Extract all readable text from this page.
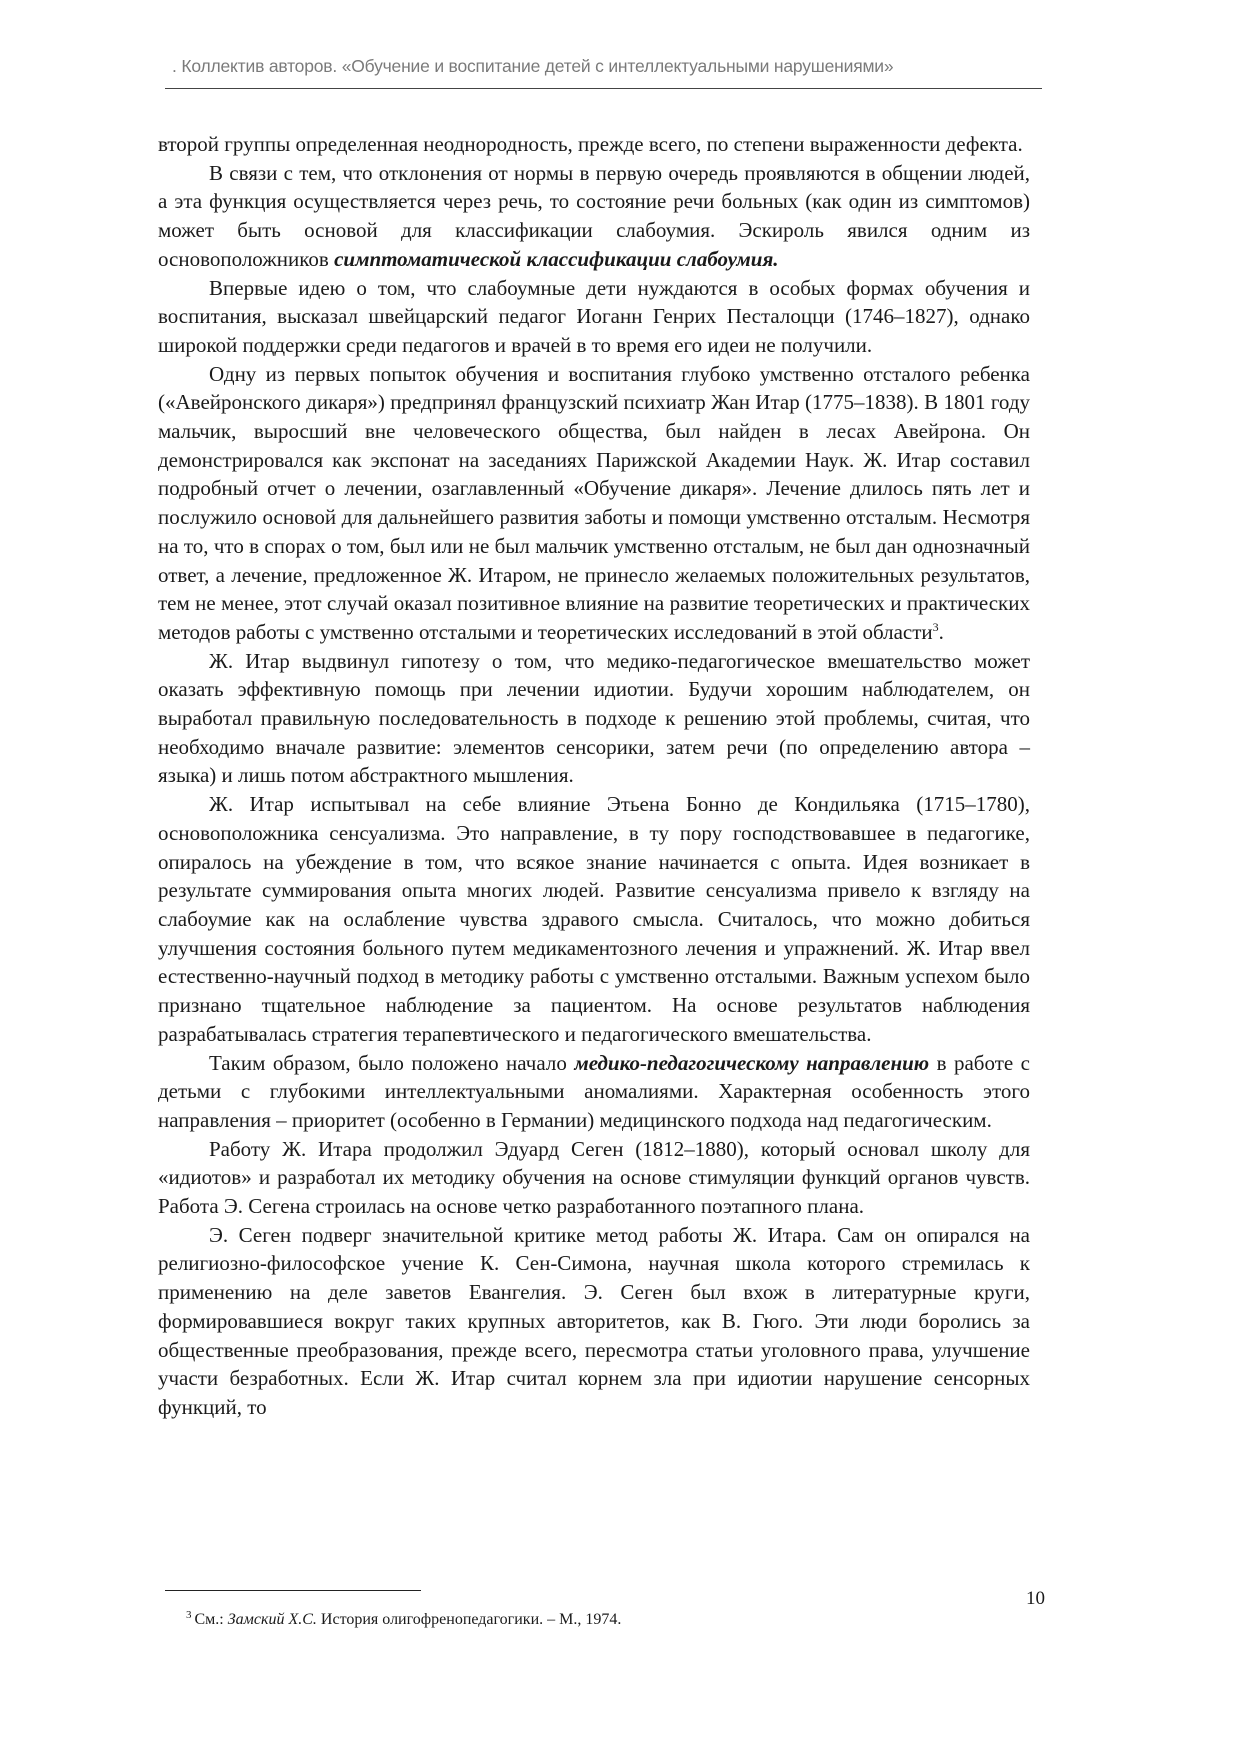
. Коллектив авторов. «Обучение и воспитание детей с интеллектуальными нарушениями»

второй группы определенная неоднородность, прежде всего, по степени выраженности дефекта.

В связи с тем, что отклонения от нормы в первую очередь проявляются в общении людей, а эта функция осуществляется через речь, то состояние речи больных (как один из симптомов) может быть основой для классификации слабоумия. Эскироль явился одним из основоположников симптоматической классификации слабоумия.

Впервые идею о том, что слабоумные дети нуждаются в особых формах обучения и воспитания, высказал швейцарский педагог Иоганн Генрих Песталоцци (1746–1827), однако широкой поддержки среди педагогов и врачей в то время его идеи не получили.

Одну из первых попыток обучения и воспитания глубоко умственно отсталого ребенка («Авейронского дикаря») предпринял французский психиатр Жан Итар (1775–1838). В 1801 году мальчик, выросший вне человеческого общества, был найден в лесах Авейрона. Он демонстрировался как экспонат на заседаниях Парижской Академии Наук. Ж. Итар составил подробный отчет о лечении, озаглавленный «Обучение дикаря». Лечение длилось пять лет и послужило основой для дальнейшего развития заботы и помощи умственно отсталым. Несмотря на то, что в спорах о том, был или не был мальчик умственно отсталым, не был дан однозначный ответ, а лечение, предложенное Ж. Итаром, не принесло желаемых положительных результатов, тем не менее, этот случай оказал позитивное влияние на развитие теоретических и практических методов работы с умственно отсталыми и теоретических исследований в этой области$^3$.

Ж. Итар выдвинул гипотезу о том, что медико-педагогическое вмешательство может оказать эффективную помощь при лечении идиотии. Будучи хорошим наблюдателем, он выработал правильную последовательность в подходе к решению этой проблемы, считая, что необходимо вначале развитие: элементов сенсорики, затем речи (по определению автора – языка) и лишь потом абстрактного мышления.

Ж. Итар испытывал на себе влияние Этьена Бонно де Кондильяка (1715–1780), основоположника сенсуализма. Это направление, в ту пору господствовавшее в педагогике, опиралось на убеждение в том, что всякое знание начинается с опыта. Идея возникает в результате суммирования опыта многих людей. Развитие сенсуализма привело к взгляду на слабоумие как на ослабление чувства здравого смысла. Считалось, что можно добиться улучшения состояния больного путем медикаментозного лечения и упражнений. Ж. Итар ввел естественно-научный подход в методику работы с умственно отсталыми. Важным успехом было признано тщательное наблюдение за пациентом. На основе результатов наблюдения разрабатывалась стратегия терапевтического и педагогического вмешательства.

Таким образом, было положено начало медико-педагогическому направлению в работе с детьми с глубокими интеллектуальными аномалиями. Характерная особенность этого направления – приоритет (особенно в Германии) медицинского подхода над педагогическим.

Работу Ж. Итара продолжил Эдуард Сеген (1812–1880), который основал школу для «идиотов» и разработал их методику обучения на основе стимуляции функций органов чувств. Работа Э. Сегена строилась на основе четко разработанного поэтапного плана.

Э. Сеген подверг значительной критике метод работы Ж. Итара. Сам он опирался на религиозно-философское учение К. Сен-Симона, научная школа которого стремилась к применению на деле заветов Евангелия. Э. Сеген был вхож в литературные круги, формировавшиеся вокруг таких крупных авторитетов, как В. Гюго. Эти люди боролись за общественные преобразования, прежде всего, пересмотра статьи уголовного права, улучшение участи безработных. Если Ж. Итар считал корнем зла при идиотии нарушение сенсорных функций, то

$^3$ См.: Замский Х.С. История олигофренопедагогики. – М., 1974.
10
